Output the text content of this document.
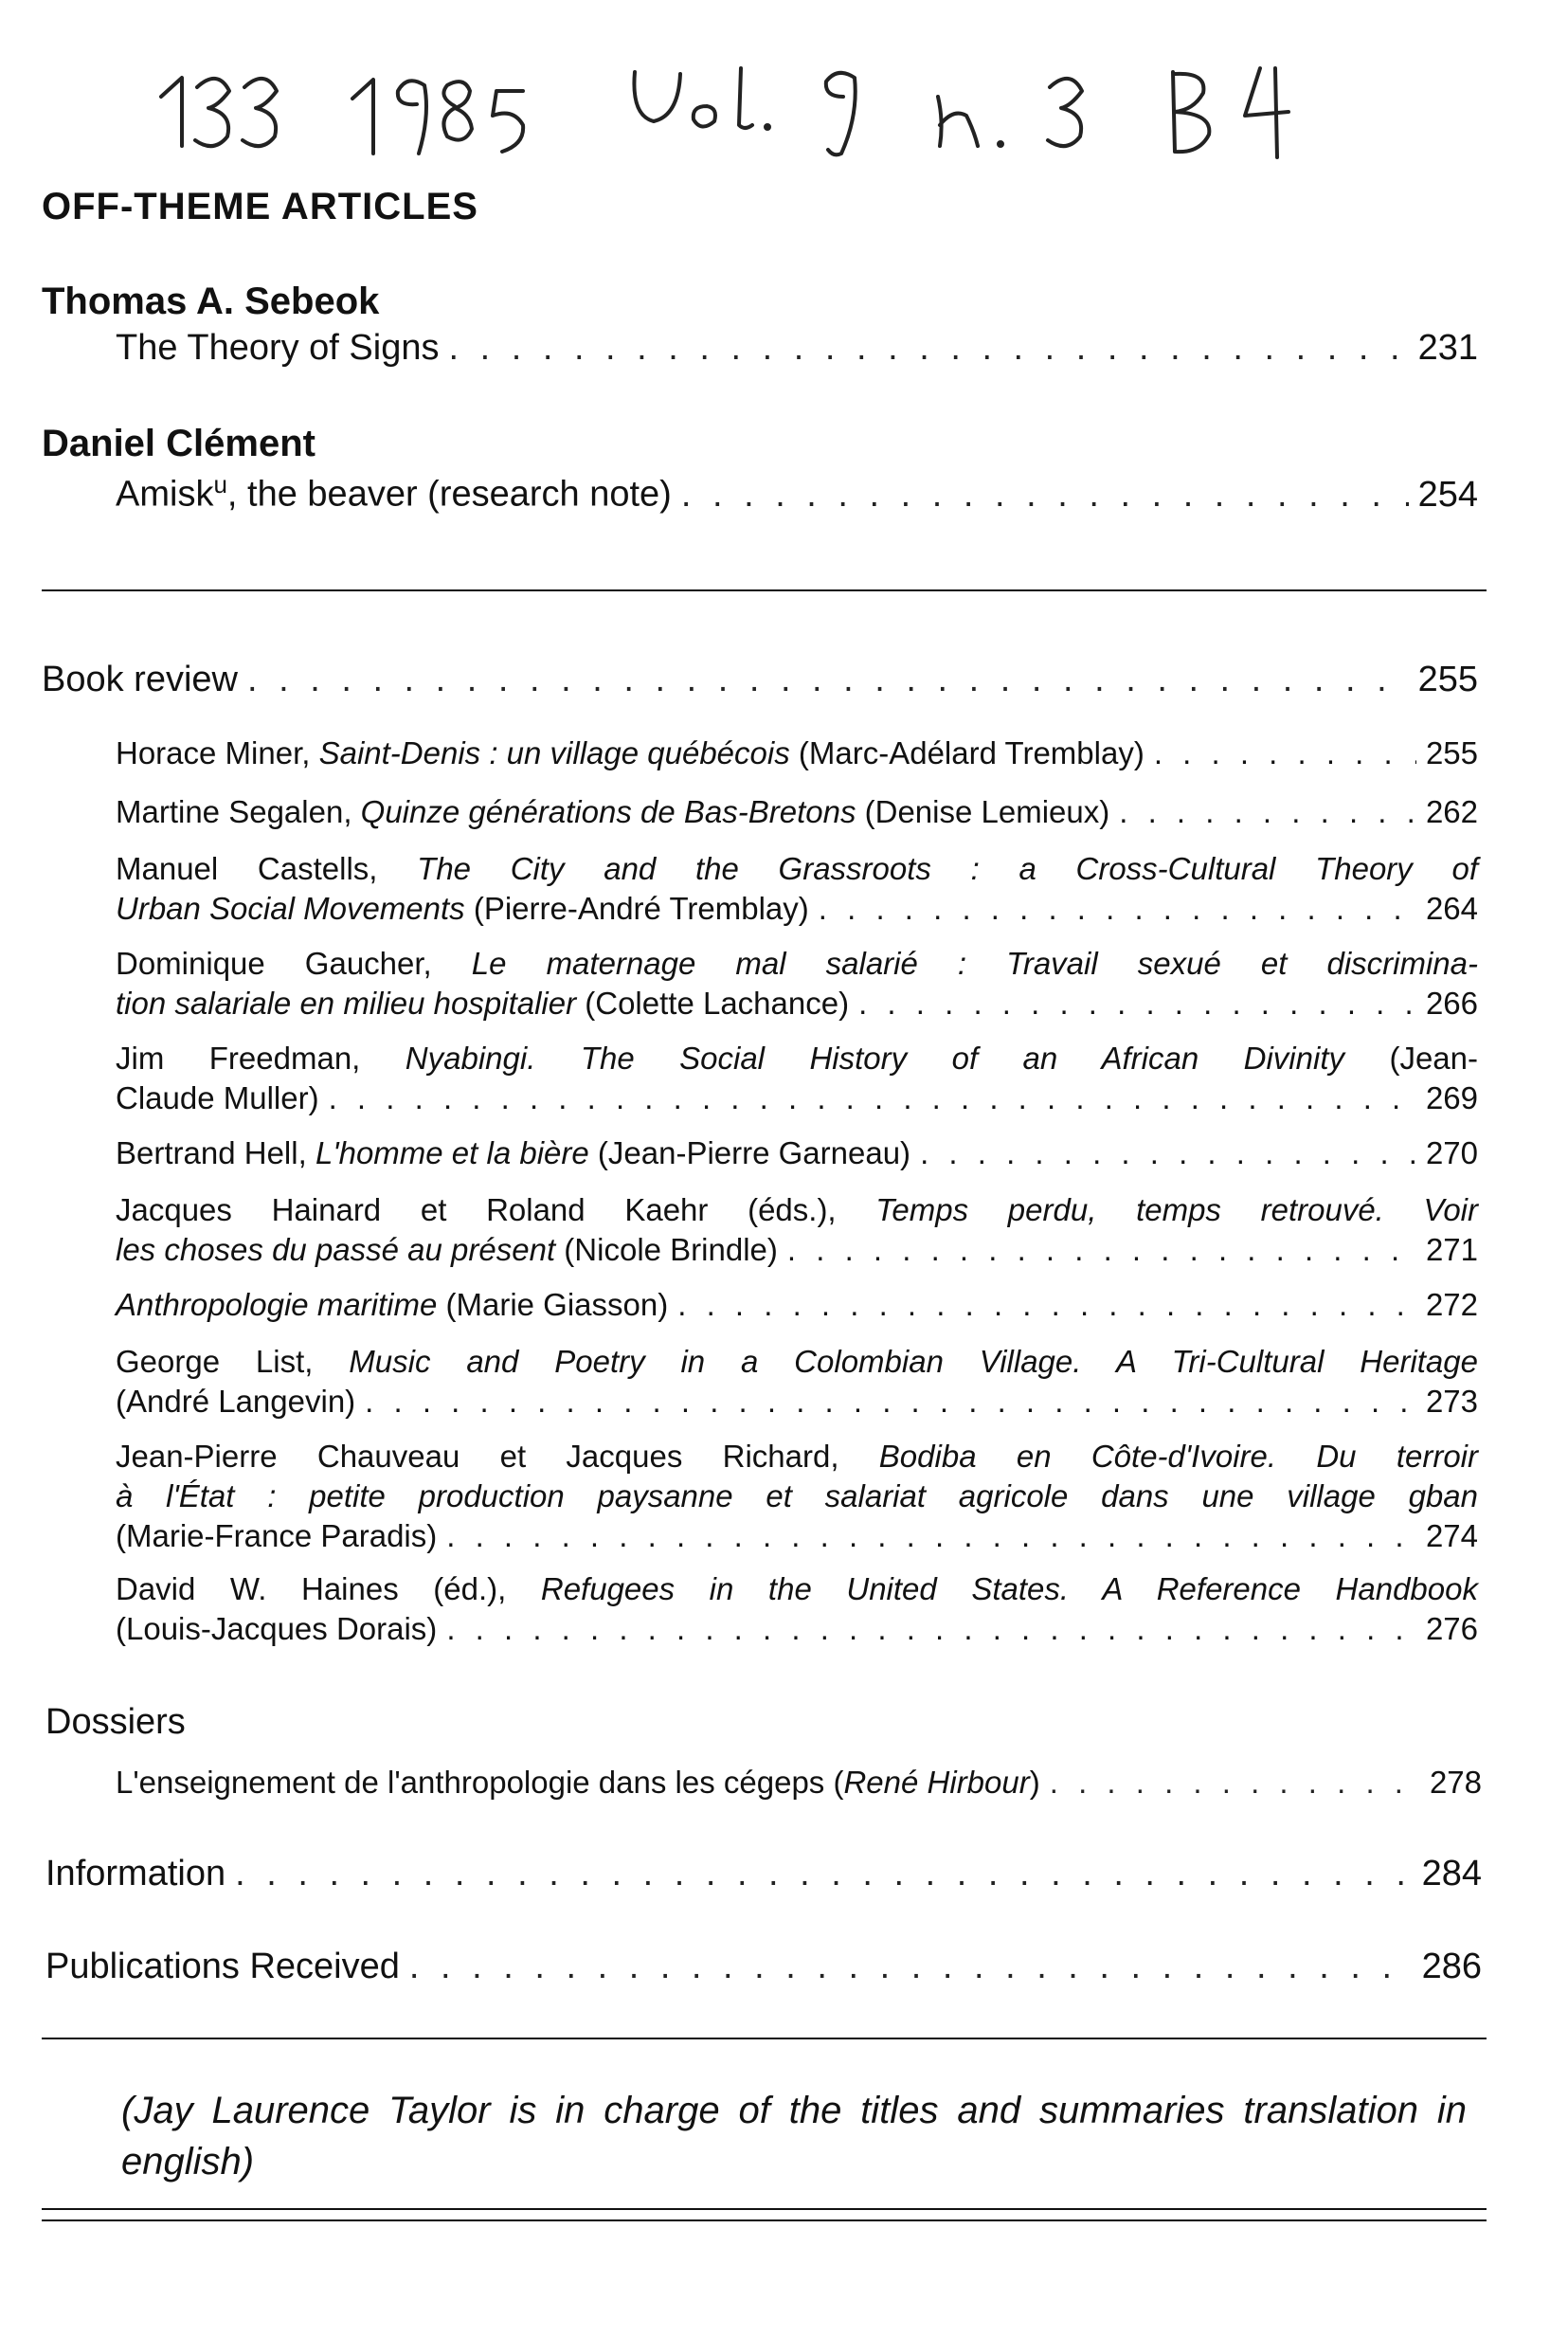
OFF-THEME ARTICLES
Thomas A. Sebeok
The Theory of Signs . . .	231
Daniel Clément
Amisk$^u$, the beaver (research note) . . .	254
Book review . . .	255
Horace Miner, Saint-Denis : un village québécois (Marc-Adélard Tremblay) . . .	255
Martine Segalen, Quinze générations de Bas-Bretons (Denise Lemieux) . . .	262
Manuel Castells, The City and the Grassroots : a Cross-Cultural Theory of
Urban Social Movements (Pierre-André Tremblay) . . .	264
Dominique Gaucher, Le maternage mal salarié : Travail sexué et discrimina-
tion salariale en milieu hospitalier (Colette Lachance) . . .	266
Jim Freedman, Nyabingi. The Social History of an African Divinity (Jean-
Claude Muller) . . .	269
Bertrand Hell, L'homme et la bière (Jean-Pierre Garneau) . . .	270
Jacques Hainard et Roland Kaehr (éds.), Temps perdu, temps retrouvé. Voir
les choses du passé au présent (Nicole Brindle) . . .	271
Anthropologie maritime (Marie Giasson) . . .	272
George List, Music and Poetry in a Colombian Village. A Tri-Cultural Heritage
(André Langevin) . . .	273
Jean-Pierre Chauveau et Jacques Richard, Bodiba en Côte-d'Ivoire. Du terroir
à l'État : petite production paysanne et salariat agricole dans une village gban
(Marie-France Paradis) . . .	274
David W. Haines (éd.), Refugees in the United States. A Reference Handbook
(Louis-Jacques Dorais) . . .	276
Dossiers
L'enseignement de l'anthropologie dans les cégeps (René Hirbour) . . .	278
Information . . .	284
Publications Received . . .	286
(Jay Laurence Taylor is in charge of the titles and summaries translation in english)
